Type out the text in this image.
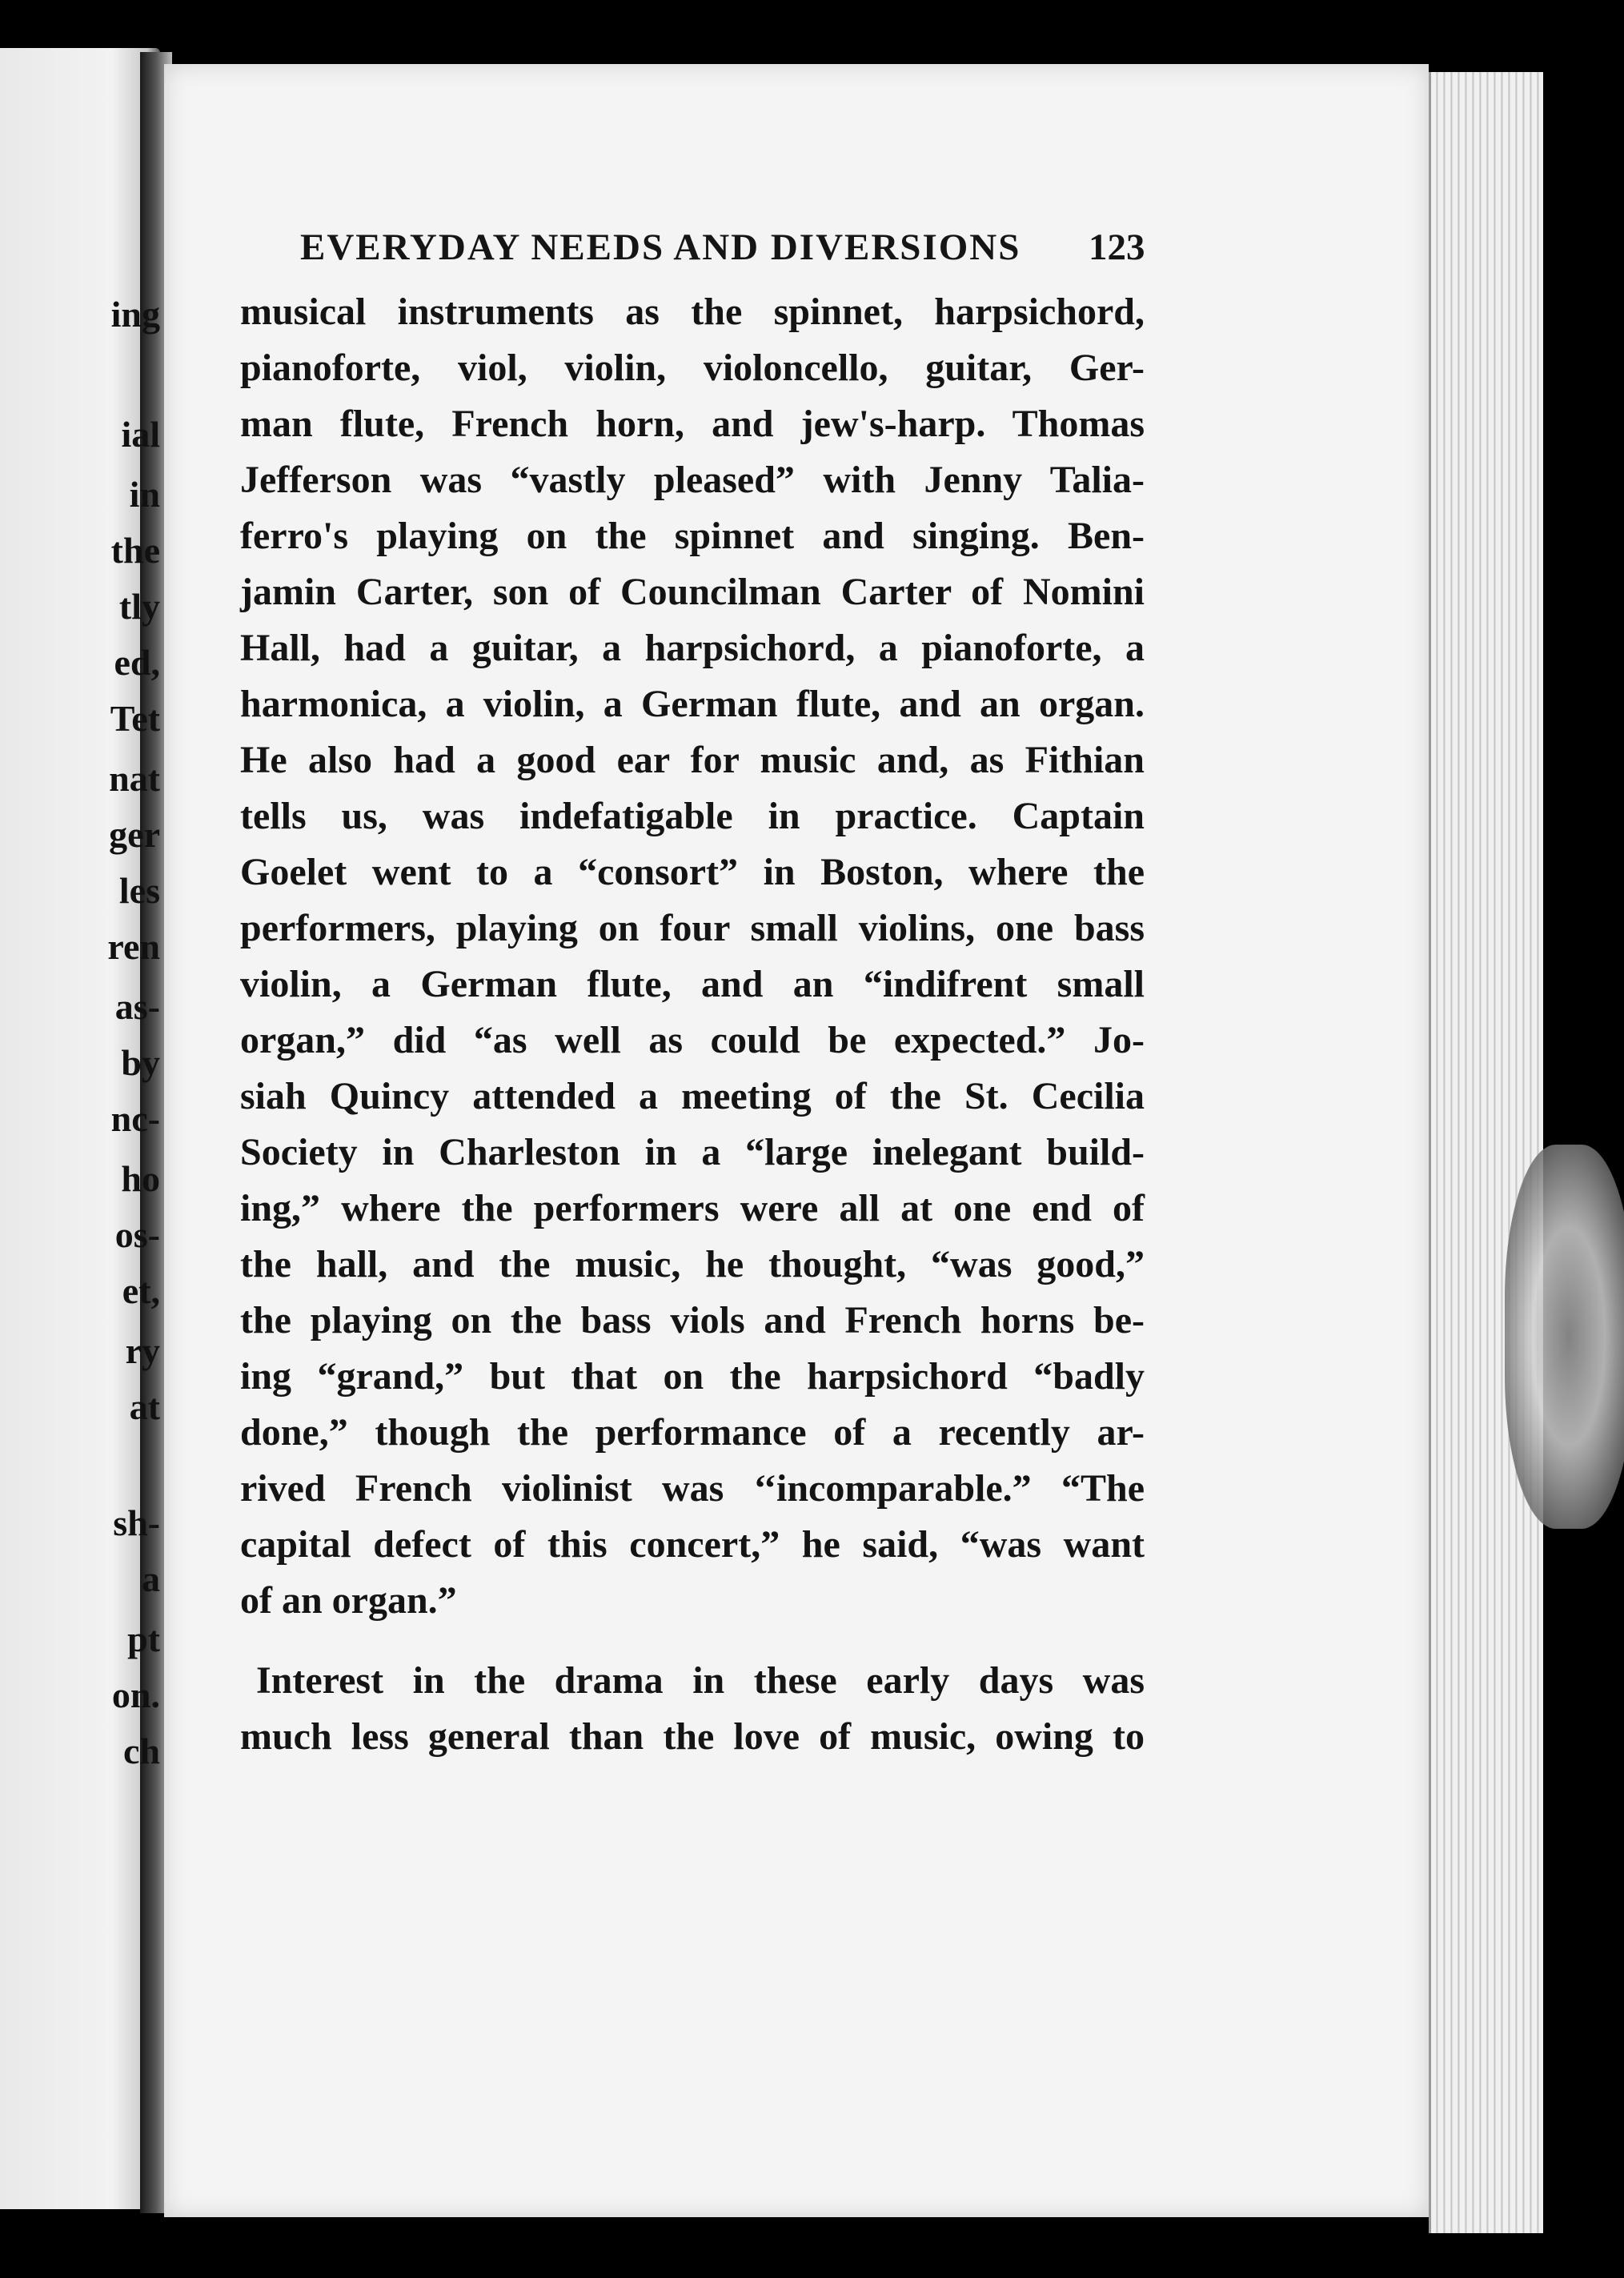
EVERYDAY NEEDS AND DIVERSIONS	123
musical instruments as the spinnet, harpsichord,
pianoforte, viol, violin, violoncello, guitar, Ger-
man flute, French horn, and jew's-harp. Thomas
Jefferson was “vastly pleased” with Jenny Talia-
ferro's playing on the spinnet and singing. Ben-
jamin Carter, son of Councilman Carter of Nomini
Hall, had a guitar, a harpsichord, a pianoforte, a
harmonica, a violin, a German flute, and an organ.
He also had a good ear for music and, as Fithian
tells us, was indefatigable in practice. Captain
Goelet went to a “consort” in Boston, where the
performers, playing on four small violins, one bass
violin, a German flute, and an “indifrent small
organ,” did “as well as could be expected.” Jo-
siah Quincy attended a meeting of the St. Cecilia
Society in Charleston in a “large inelegant build-
ing,” where the performers were all at one end of
the hall, and the music, he thought, “was good,”
the playing on the bass viols and French horns be-
ing “grand,” but that on the harpsichord “badly
done,” though the performance of a recently ar-
rived French violinist was ‘‘incomparable.” “The
capital defect of this concert,” he said, “was want
of an organ.”
Interest in the drama in these early days was
much less general than the love of music, owing to
ing
ial
in
the
tly
ed,
Tet
nat
ger
les
ren
as-
by
nc-
ho
os-
et,
ry
at
sh-
a
pt
on.
ch
